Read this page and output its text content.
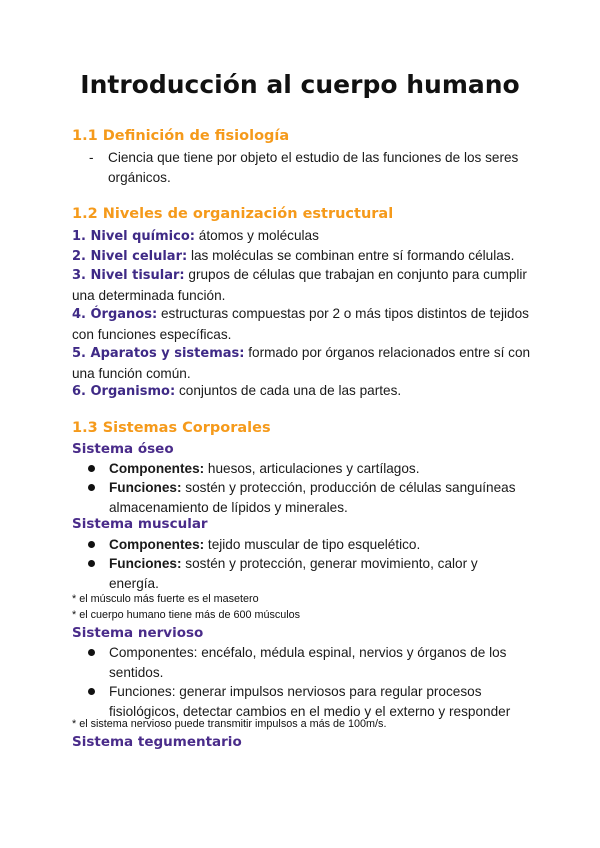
Introducción al cuerpo humano
1.1 Definición de fisiología
- Ciencia que tiene por objeto el estudio de las funciones de los seres orgánicos.
1.2 Niveles de organización estructural

1. Nivel químico: átomos y moléculas

2. Nivel celular: las moléculas se combinan entre sí formando células.

3. Nivel tisular: grupos de células que trabajan en conjunto para cumplir una determinada función.

4. Órganos: estructuras compuestas por 2 o más tipos distintos de tejidos con funciones específicas.

5. Aparatos y sistemas: formado por órganos relacionados entre sí con una función común.

6. Organismo: conjuntos de cada una de las partes.

1.3 Sistemas Corporales
Sistema óseo
Componentes: huesos, articulaciones y cartílagos.
Funciones: sostén y protección, producción de células sanguíneas almacenamiento de lípidos y minerales.
Sistema muscular
Componentes: tejido muscular de tipo esquelético.
Funciones: sostén y protección, generar movimiento, calor y energía.
* el músculo más fuerte es el masetero
* el cuerpo humano tiene más de 600 músculos
Sistema nervioso
Componentes: encéfalo, médula espinal, nervios y órganos de los sentidos.
Funciones: generar impulsos nerviosos para regular procesos fisiológicos, detectar cambios en el medio y el externo y responder
* el sistema nervioso puede transmitir impulsos a más de 100m/s.
Sistema tegumentario
